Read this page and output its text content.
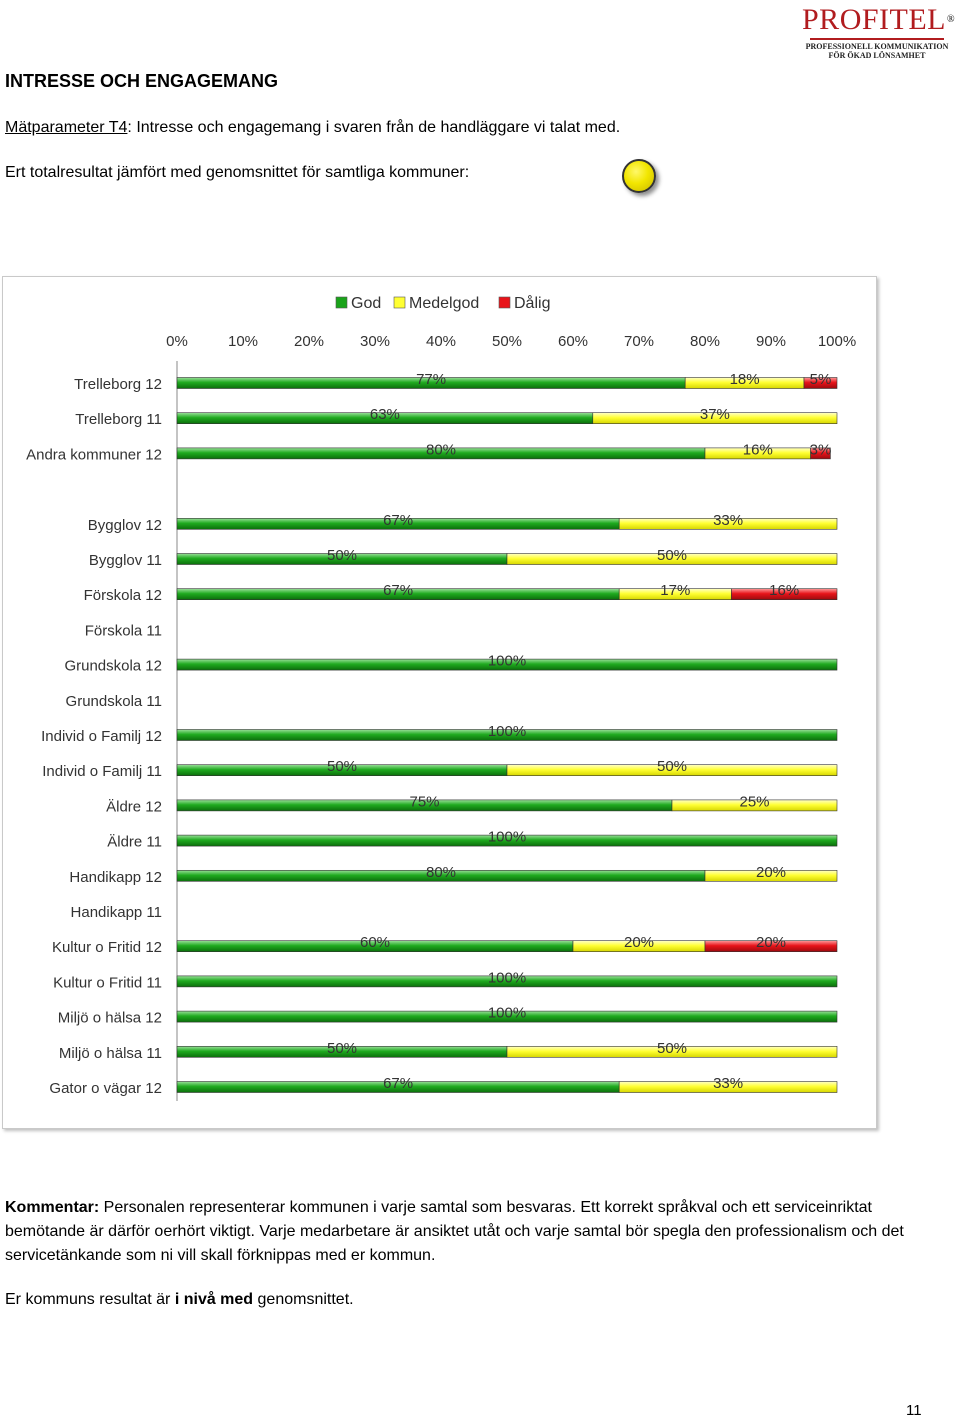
PROFITEL®
PROFESSIONELL KOMMUNIKATION
FÖR ÖKAD LÖNSAMHET
INTRESSE OCH ENGAGEMANG
Mätparameter T4: Intresse och engagemang i svaren från de handläggare vi talat med.
Ert totalresultat jämfört med genomsnittet för samtliga kommuner:
God Medelgod Dålig
0%	10% 20% 30% 40% 50% 60% 70% 80% 90% 100%
Trelleborg 12
Trelleborg 11
Andra kommuner 12
Bygglov 12
Bygglov 11
Förskola 12
Förskola 11
Grundskola 12
Grundskola 11
Individ o Familj 12
Individ o Familj 11
Äldre 12
Äldre 11
Handikapp 12
Handikapp 11
Kultur o Fritid 12
Kultur o Fritid 11
Miljö o hälsa 12
Miljö o hälsa 11
Gator o vägar 12
77%	18%	5%
63%	37%
80%	16% 3%
67%	33%
50%	50%
67%	17%	16%
100%
100%
50%	50%
75%	25%
100%
80%	20%
60%	20%	20%
100%
100%
50%	50%
67%	33%
Kommentar: Personalen representerar kommunen i varje samtal som besvaras. Ett korrekt språkval och ett serviceinriktat bemötande är därför oerhört viktigt. Varje medarbetare är ansiktet utåt och varje samtal bör spegla den professionalism och det servicetänkande som ni vill skall förknippas med er kommun.
Er kommuns resultat är i nivå med genomsnittet.
11
